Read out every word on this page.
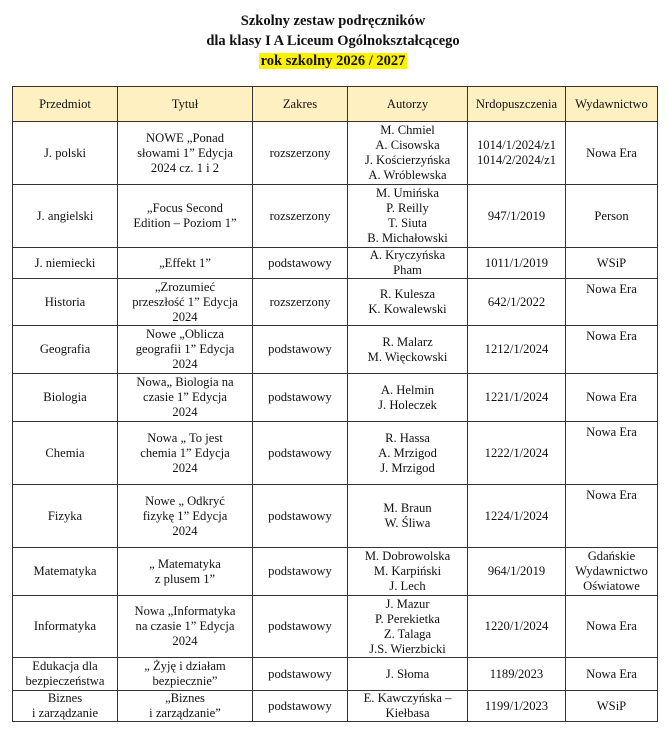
Szkolny zestaw podręczników
dla klasy I A Liceum Ogólnokształcącego
rok szkolny 2026 / 2027
Przedmiot	Tytuł	Zakres	Autorzy	Nrdopuszczenia	Wydawnictwo

J. polski	NOWE „Ponad
słowami 1” Edycja
2024 cz. 1 i 2	rozszerzony	M. Chmiel
A. Cisowska
J. Kościerzyńska
A. Wróblewska	1014/1/2024/z1
1014/2/2024/z1	Nowa Era

J. angielski	„Focus Second
Edition – Poziom 1”	rozszerzony	M. Umińska
P. Reilly
T. Siuta
B. Michałowski	947/1/2019	Person

J. niemiecki	„Effekt 1”	podstawowy	A. Kryczyńska
Pham	1011/1/2019	WSiP

Historia	„Zrozumieć
przeszłość 1” Edycja
2024	rozszerzony	R. Kulesza
K. Kowalewski	642/1/2022	Nowa Era

Geografia	Nowe „Oblicza
geografii 1” Edycja
2024	podstawowy	R. Malarz
M. Więckowski	1212/1/2024	Nowa Era

Biologia	Nowa„ Biologia na
czasie 1” Edycja
2024	podstawowy	A. Helmin
J. Holeczek	1221/1/2024	Nowa Era

Chemia	Nowa „ To jest
chemia 1” Edycja
2024	podstawowy	R. Hassa
A. Mrzigod
J. Mrzigod	1222/1/2024	Nowa Era

Fizyka	Nowe „ Odkryć
fizykę 1” Edycja
2024	podstawowy	M. Braun
W. Śliwa	1224/1/2024	Nowa Era

Matematyka	„ Matematyka
z plusem 1”	podstawowy	M. Dobrowolska
M. Karpiński
J. Lech	964/1/2019	Gdańskie
Wydawnictwo
Oświatowe

Informatyka	Nowa „Informatyka
na czasie 1” Edycja
2024	podstawowy	J. Mazur
P. Perekietka
Z. Talaga
J.S. Wierzbicki	1220/1/2024	Nowa Era

Edukacja dla
bezpieczeństwa	„ Żyję i działam
bezpiecznie”	podstawowy	J. Słoma	1189/2023	Nowa Era

Biznes
i zarządzanie	„Biznes
i zarządzanie”	podstawowy	E. Kawczyńska –
Kiełbasa	1199/1/2023	WSiP
